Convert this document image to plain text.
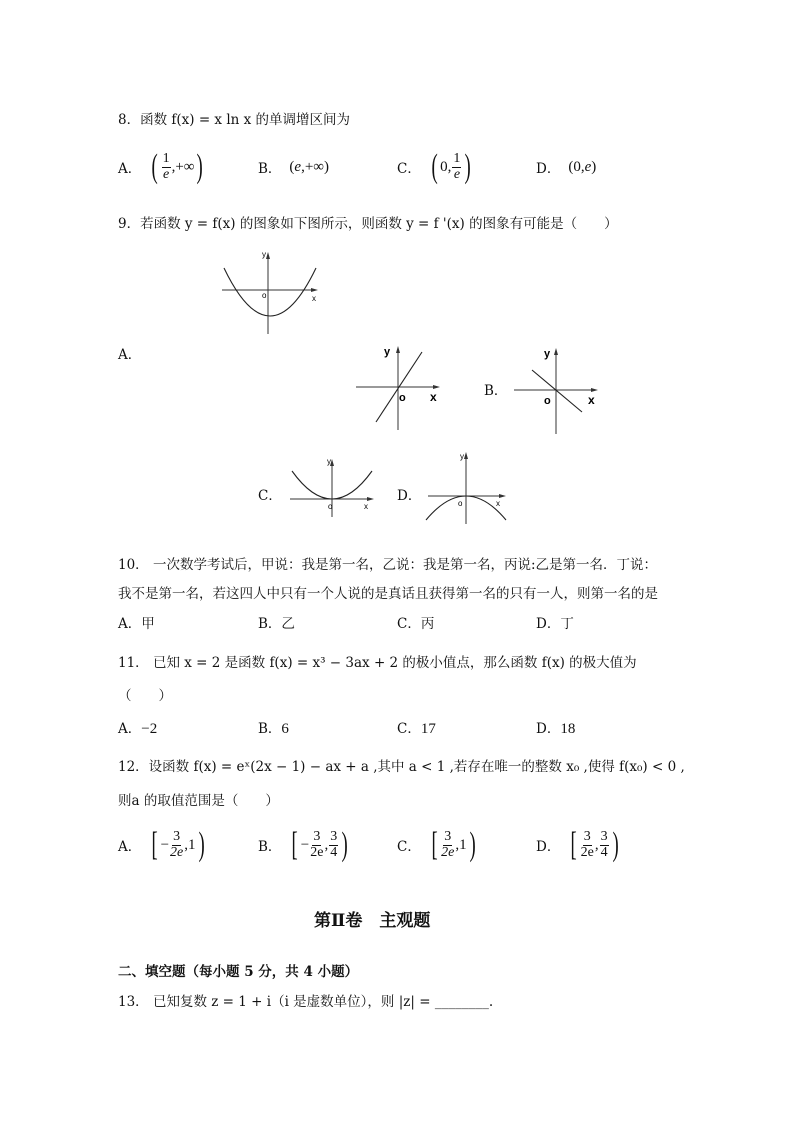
8．函数 f(x) = x ln x 的单调增区间为
A． ( $\frac{1}{e}$ ,+∞ )	B． (e,+∞)	C． ( 0, $\frac{1}{e}$ )	D． (0,e)
9．若函数 y = f(x) 的图象如下图所示，则函数 y = f '(x) 的图象有可能是（　　）
y
o	x
A．	y
o x	B．
y
o	x
C．
y
o	x
D．
y
o	x
10． 一次数学考试后，甲说：我是第一名，乙说：我是第一名，丙说:乙是第一名．丁说：
我不是第一名，若这四人中只有一个人说的是真话且获得第一名的只有一人，则第一名的是
A．甲	B．乙	C．丙	D．丁
11． 已知 x = 2 是函数 f(x) = x³ − 3ax + 2 的极小值点，那么函数 f(x) 的极大值为
（　　）
A．−2	B．6	C．17	D．18
12．设函数 f(x) = eˣ(2x − 1) − ax + a ,其中 a < 1 ,若存在唯一的整数 x₀ ,使得 f(x₀) < 0 ,
则a 的取值范围是（　　）
A． [ − $\frac{3}{2e} ,1$ )	B． [ − $\frac{3}{2e}$ , $\frac{3}{4}$ )	C． [ $\frac{3}{2e} ,1$ )	D． [ $\frac{3}{2e}$ , $\frac{3}{4}$ )
第Ⅱ卷　主观题
二、填空题（每小题 5 分，共 4 小题）
13． 已知复数 z = 1 + i（i 是虚数单位），则 |z| = ________.
